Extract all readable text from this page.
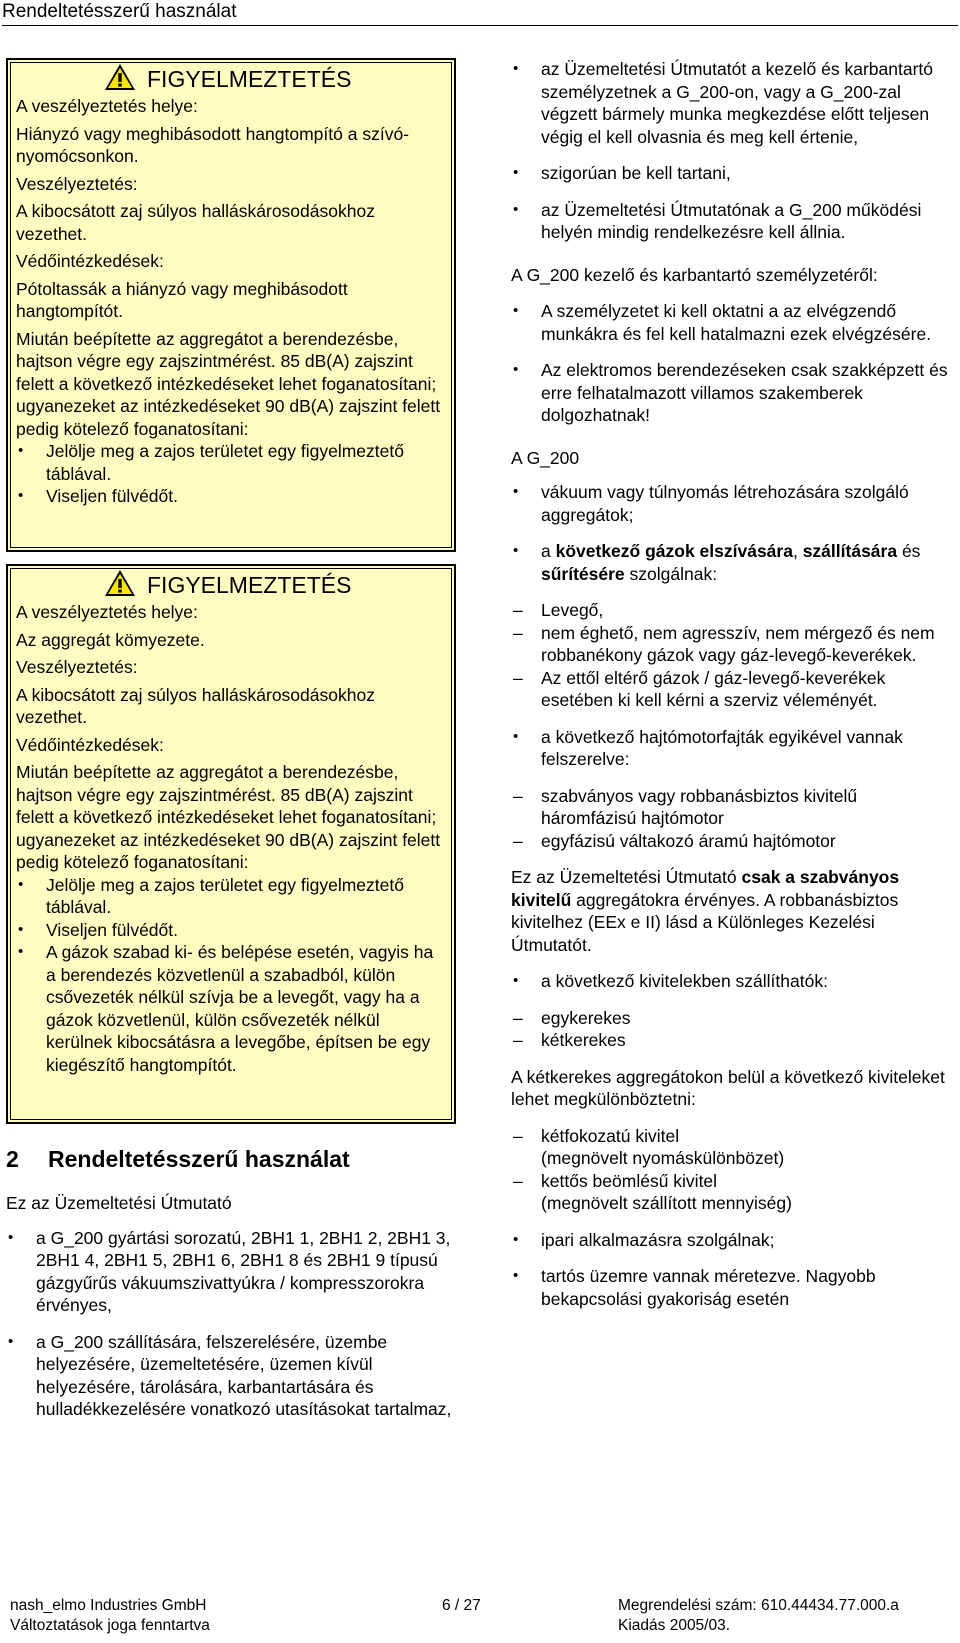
Rendeltetésszerű használat
FIGYELMEZTETÉS

A veszélyeztetés helye:

Hiányzó vagy meghibásodott hangtompító a szívó- nyomócsonkon.

Veszélyeztetés:

A kibocsátott zaj súlyos halláskárosodásokhoz vezethet.

Védőintézkedések:

Pótoltassák a hiányzó vagy meghibásodott hangtompítót.

Miután beépítette az aggregátot a berendezésbe, hajtson végre egy zajszintmérést. 85 dB(A) zajszint felett a következő intézkedéseket lehet foganatosítani; ugyanezeket az intézkedéseket 90 dB(A) zajszint felett pedig kötelező foganatosítani:

• Jelölje meg a zajos területet egy figyelmeztető táblával.
• Viseljen fülvédőt.
FIGYELMEZTETÉS

A veszélyeztetés helye:

Az aggregát kömyezete.

Veszélyeztetés:

A kibocsátott zaj súlyos halláskárosodásokhoz vezethet.

Védőintézkedések:

Miután beépítette az aggregátot a berendezésbe, hajtson végre egy zajszintmérést. 85 dB(A) zajszint felett a következő intézkedéseket lehet foganatosítani; ugyanezeket az intézkedéseket 90 dB(A) zajszint felett pedig kötelező foganatosítani:

• Jelölje meg a zajos területet egy figyelmeztető táblával.
• Viseljen fülvédőt.
• A gázok szabad ki- és belépése esetén, vagyis ha a berendezés közvetlenül a szabadból, külön csővezeték nélkül szívja be a levegőt, vagy ha a gázok közvetlenül, külön csővezeték nélkül kerülnek kibocsátásra a levegőbe, építsen be egy kiegészítő hangtompítót.
2 Rendeltetésszerű használat

Ez az Üzemeltetési Útmutató

• a G_200 gyártási sorozatú, 2BH1 1, 2BH1 2, 2BH1 3, 2BH1 4, 2BH1 5, 2BH1 6, 2BH1 8 és 2BH1 9 típusú gázgyűrűs vákuumszivattyúkra / kompresszorokra érvényes,
• a G_200 szállítására, felszerelésére, üzembe helyezésére, üzemeltetésére, üzemen kívül helyezésére, tárolására, karbantartására és hulladékkezelésére vonatkozó utasításokat tartalmaz,
• az Üzemeltetési Útmutatót a kezelő és karbantartó személyzetnek a G_200-on, vagy a G_200-zal végzett bármely munka megkezdése előtt teljesen végig el kell olvasnia és meg kell értenie,
• szigorúan be kell tartani,
• az Üzemeltetési Útmutatónak a G_200 működési helyén mindig rendelkezésre kell állnia.

A G_200 kezelő és karbantartó személyzetéről:

• A személyzetet ki kell oktatni a az elvégzendő munkákra és fel kell hatalmazni ezek elvégzésére.
• Az elektromos berendezéseken csak szakképzett és erre felhatalmazott villamos szakemberek dolgozhatnak!

A G_200

• vákuum vagy túlnyomás létrehozására szolgáló aggregátok;
• a következő gázok elszívására, szállítására és sűrítésére szolgálnak:
– Levegő,
– nem éghető, nem agresszív, nem mérgező és nem robbanékony gázok vagy gáz-levegő-keverékek.
– Az ettől eltérő gázok / gáz-levegő-keverékek esetében ki kell kérni a szerviz véleményét.
• a következő hajtómotorfajták egyikével vannak felszerelve:
– szabványos vagy robbanásbiztos kivitelű háromfázisú hajtómotor
– egyfázisú váltakozó áramú hajtómotor

Ez az Üzemeltetési Útmutató csak a szabványos kivitelű aggregátokra érvényes. A robbanásbiztos kivitelhez (EEx e II) lásd a Különleges Kezelési Útmutatót.

• a következő kivitelekben szállíthatók:
– egykerekes
– kétkerekes

A kétkerekes aggregátokon belül a következő kiviteleket lehet megkülönböztetni:

– kétfokozatú kivitel
(megnövelt nyomáskülönbözet)
– kettős beömlésű kivitel
(megnövelt szállított mennyiség)
• ipari alkalmazásra szolgálnak;
• tartós üzemre vannak méretezve. Nagyobb bekapcsolási gyakoriság esetén
nash_elmo Industries GmbH
Változtatások joga fenntartva
6 / 27	Megrendelési szám: 610.44434.77.000.a
Kiadás 2005/03.
